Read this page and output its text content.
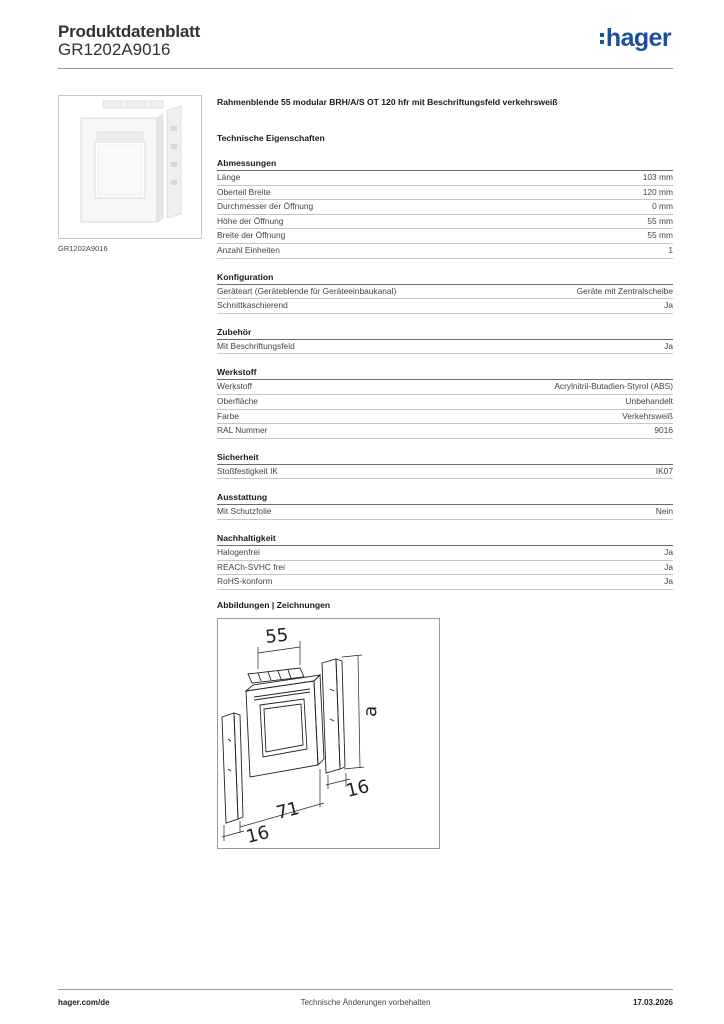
Produktdatenblatt
GR1202A9016	hager
GR1202A9016
Rahmenblende 55 modular BRH/A/S OT 120 hfr mit Beschriftungsfeld verkehrsweiß
Technische Eigenschaften
Abmessungen
Länge	103 mm
Oberteil Breite	120 mm
Durchmesser der Öffnung	0 mm
Höhe der Öffnung	55 mm
Breite der Öffnung	55 mm
Anzahl Einheiten	1
Konfiguration
Geräteart (Geräteblende für Geräteeinbaukanal)	Geräte mit Zentralscheibe
Schnittkaschierend	Ja
Zubehör
Mit Beschriftungsfeld	Ja
Werkstoff
Werkstoff	Acrylnitril-Butadien-Styrol (ABS)
Oberfläche	Unbehandelt
Farbe	Verkehrsweiß
RAL Nummer	9016
Sicherheit
Stoßfestigkeit IK	IK07
Ausstattung
Mit Schutzfolie	Nein
Nachhaltigkeit
Halogenfrei	Ja
REACh-SVHC frei	Ja
RoHS-konform	Ja
Abbildungen | Zeichnungen
55
a
16
71
16
hager.com/de	Technische Änderungen vorbehalten	17.03.2026
